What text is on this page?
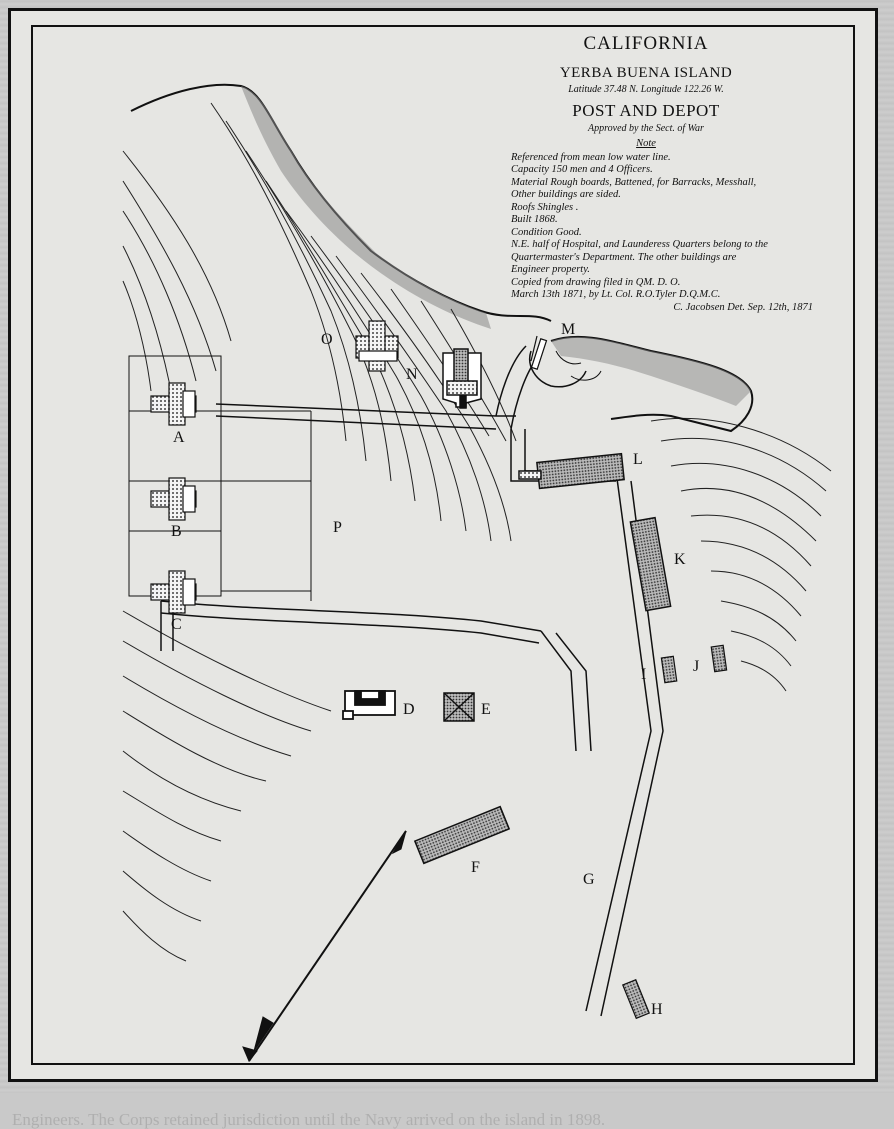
Engineers. The Corps retained jurisdiction until the Navy arrived on the island in 1898.
CALIFORNIA
YERBA BUENA ISLAND
Latitude 37.48 N. Longitude 122.26 W.
POST AND DEPOT
Approved by the Sect. of War
Note
Referenced from mean low water line.
Capacity 150 men and 4 Officers.
Material Rough boards, Battened, for Barracks, Messhall,
Other buildings are sided.
Roofs Shingles .
Built 1868.
Condition Good.
N.E. half of Hospital, and Launderess Quarters belong to the
Quartermaster's Department. The other buildings are
Engineer property.
Copied from drawing filed in QM. D. O.
March 13th 1871, by Lt. Col. R.O.Tyler D.Q.M.C.
C. Jacobsen Det. Sep. 12th, 1871
A
B
C
D	E
F
G
H
I	J
K
L
M
N
O
P
